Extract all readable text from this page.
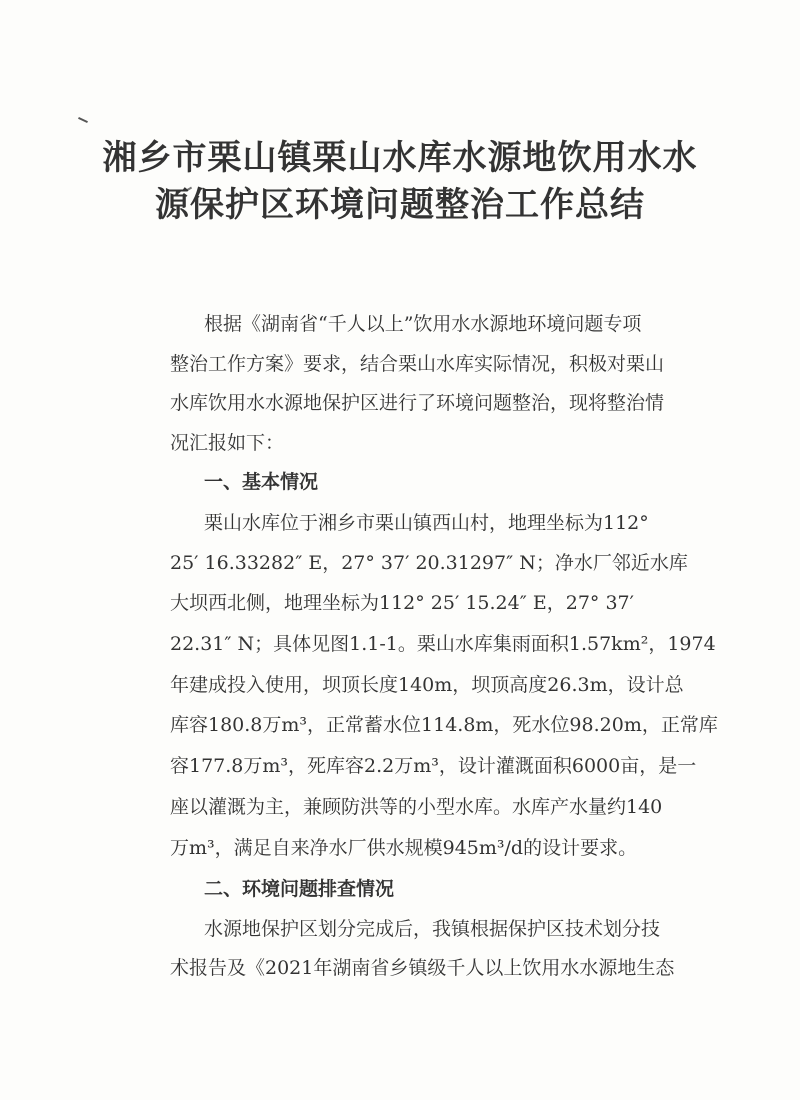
湘乡市栗山镇栗山水库水源地饮用水水
源保护区环境问题整治工作总结
根据《湖南省“千人以上”饮用水水源地环境问题专项
整治工作方案》要求，结合栗山水库实际情况，积极对栗山
水库饮用水水源地保护区进行了环境问题整治，现将整治情
况汇报如下：
一、基本情况
栗山水库位于湘乡市栗山镇西山村，地理坐标为112°
25′ 16.33282″ E，27° 37′ 20.31297″ N；净水厂邻近水库
大坝西北侧，地理坐标为112° 25′ 15.24″ E，27° 37′
22.31″ N；具体见图1.1-1。栗山水库集雨面积1.57km²，1974
年建成投入使用，坝顶长度140m，坝顶高度26.3m，设计总
库容180.8万m³，正常蓄水位114.8m，死水位98.20m，正常库
容177.8万m³，死库容2.2万m³，设计灌溉面积6000亩，是一
座以灌溉为主，兼顾防洪等的小型水库。水库产水量约140
万m³，满足自来净水厂供水规模945m³/d的设计要求。
二、环境问题排查情况
水源地保护区划分完成后，我镇根据保护区技术划分技
术报告及《2021年湖南省乡镇级千人以上饮用水水源地生态
